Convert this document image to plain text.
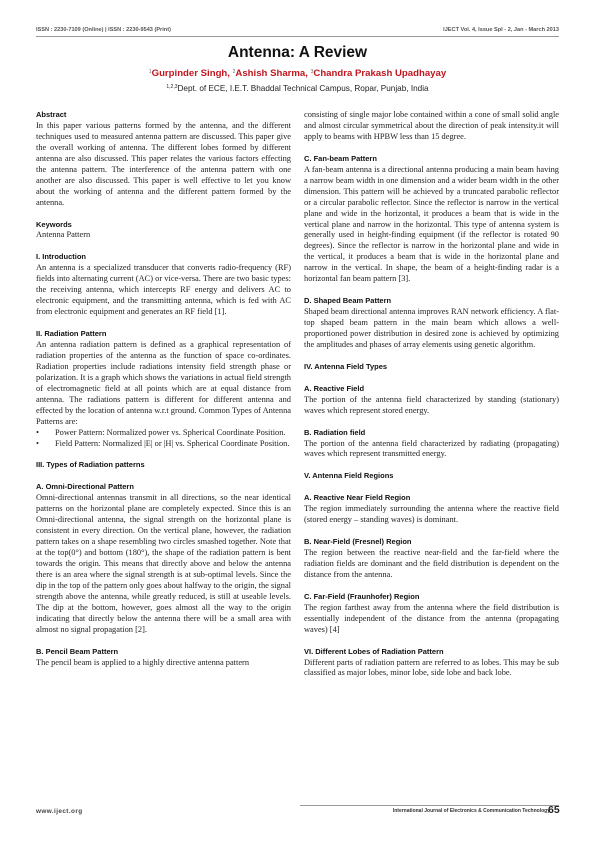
ISSN : 2230-7109 (Online) | ISSN : 2230-9543 (Print)	IJECT Vol. 4, Issue Spl - 2, Jan - March 2013
Antenna: A Review
$^1$Gurpinder Singh, $^2$Ashish Sharma, $^3$Chandra Prakash Upadhayay
$^{1,2,3}$Dept. of ECE, I.E.T. Bhaddal Technical Campus, Ropar, Punjab, India
Abstract

In this paper various patterns formed by the antenna, and the different techniques used to measured antenna pattern are discussed. This paper give the overall working of antenna. The different lobes formed by different antenna are also discussed. This paper relates the various factors effecting the antenna pattern. The interference of the antenna pattern with one another are also discussed. This paper is well effective to let you know about the working of antenna and the different pattern formed by the antenna.

Keywords

Antenna Pattern

I. Introduction

An antenna is a specialized transducer that converts radio-frequency (RF) fields into alternating current (AC) or vice-versa. There are two basic types: the receiving antenna, which intercepts RF energy and delivers AC to electronic equipment, and the transmitting antenna, which is fed with AC from electronic equipment and generates an RF field [1].

II. Radiation Pattern

An antenna radiation pattern is defined as a graphical representation of radiation properties of the antenna as the function of space co-ordinates. Radiation properties include radiations intensity field strength phase or polarization. It is a graph which shows the variations in actual field strength of electromagnetic field at all points which are at equal distance from antenna. The radiations pattern is different for different antenna and effected by the location of antenna w.r.t ground. Common Types of Antenna Patterns are:

• Power Pattern: Normalized power vs. Spherical Coordinate Position.
• Field Pattern: Normalized |E| or |H| vs. Spherical Coordinate Position.
III. Types of Radiation patterns
A. Omni-Directional Pattern

Omni-directional antennas transmit in all directions, so the near identical patterns on the horizontal plane are completely expected. Since this is an Omni-directional antenna, the signal strength on the horizontal plane is consistent in every direction. On the vertical plane, however, the radiation pattern takes on a shape resembling two circles smashed together. Note that at the top(0°) and bottom (180°), the shape of the radiation pattern is bent towards the origin. This means that directly above and below the antenna there is an area where the signal strength is at sub-optimal levels. Since the dip in the top of the pattern only goes about halfway to the origin, the signal strength above the antenna, while greatly reduced, is still at useable levels. The dip at the bottom, however, goes almost all the way to the origin indicating that directly below the antenna there will be a small area with almost no signal propagation [2].

B. Pencil Beam Pattern

The pencil beam is applied to a highly directive antenna pattern

consisting of single major lobe contained within a cone of small solid angle and almost circular symmetrical about the direction of peak intensity.it will apply to beams with HPBW less than 15 degree.

C. Fan-beam Pattern

A fan-beam antenna is a directional antenna producing a main beam having a narrow beam width in one dimension and a wider beam width in the other dimension. This pattern will be achieved by a truncated parabolic reflector or a circular parabolic reflector. Since the reflector is narrow in the vertical plane and wide in the horizontal, it produces a beam that is wide in the vertical plane and narrow in the horizontal. This type of antenna system is generally used in height-finding equipment (if the reflector is rotated 90 degrees). Since the reflector is narrow in the horizontal plane and wide in the vertical, it produces a beam that is wide in the horizontal plane and narrow in the vertical. In shape, the beam of a height-finding radar is a horizontal fan beam pattern [3].

D. Shaped Beam Pattern

Shaped beam directional antenna improves RAN network efficiency. A flat-top shaped beam pattern in the main beam which allows a well-proportioned power distribution in desired zone is achieved by optimizing the amplitudes and phases of array elements using genetic algorithm.

IV. Antenna Field Types
A. Reactive Field

The portion of the antenna field characterized by standing (stationary) waves which represent stored energy.

B. Radiation field

The portion of the antenna field characterized by radiating (propagating) waves which represent transmitted energy.

V. Antenna Field Regions
A. Reactive Near Field Region

The region immediately surrounding the antenna where the reactive field (stored energy – standing waves) is dominant.

B. Near-Field (Fresnel) Region

The region between the reactive near-field and the far-field where the radiation fields are dominant and the field distribution is dependent on the distance from the antenna.

C. Far-Field (Fraunhofer) Region

The region farthest away from the antenna where the field distribution is essentially independent of the distance from the antenna (propagating waves) [4]

VI. Different Lobes of Radiation Pattern

Different parts of radiation pattern are referred to as lobes. This may be sub classified as major lobes, minor lobe, side lobe and back lobe.

www.iject.org	International Journal of Electronics & Communication Technology
65
